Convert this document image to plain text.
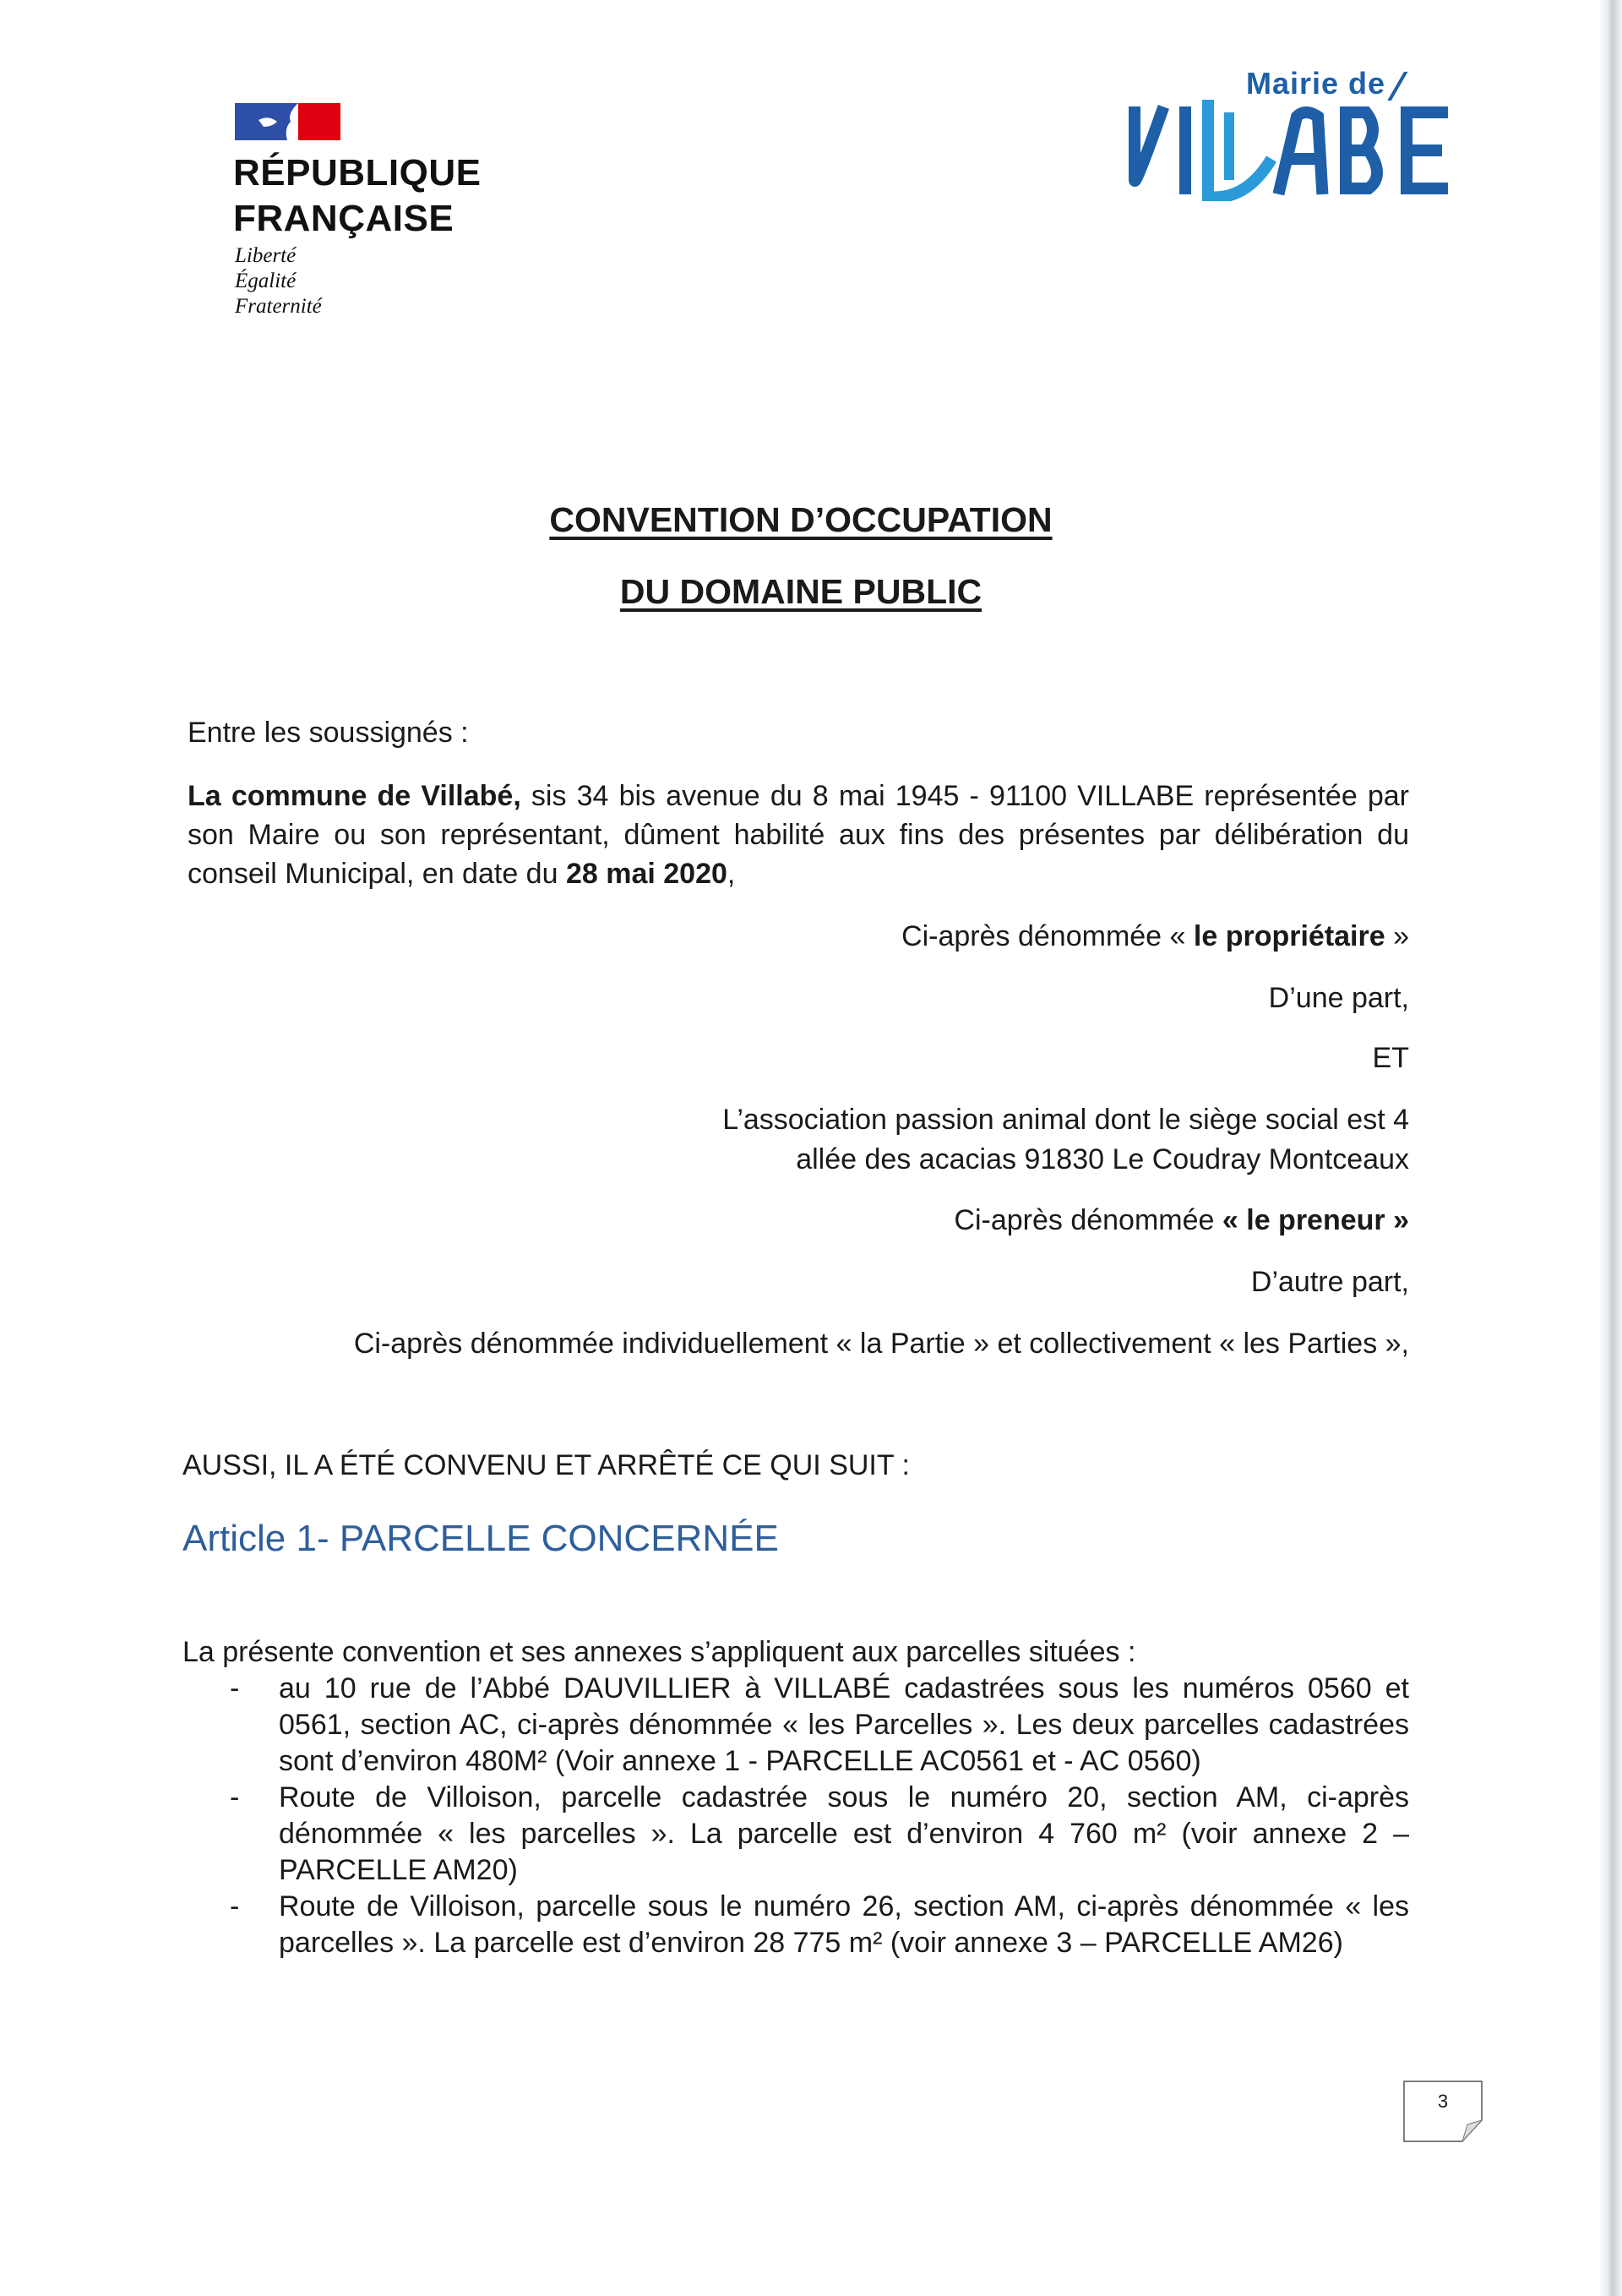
RÉPUBLIQUE
FRANÇAISE
Liberté
Égalité
Fraternité
Mairie de |
CONVENTION D’OCCUPATION
DU DOMAINE PUBLIC
Entre les soussignés :
La commune de Villabé, sis 34 bis avenue du 8 mai 1945 - 91100 VILLABE représentée par son Maire ou son représentant, dûment habilité aux fins des présentes par délibération du conseil Municipal, en date du 28 mai 2020,
Ci-après dénommée « le propriétaire »
D’une part,
ET
L’association passion animal dont le siège social est 4
allée des acacias 91830 Le Coudray Montceaux
Ci-après dénommée « le preneur »
D’autre part,
Ci-après dénommée individuellement « la Partie » et collectivement « les Parties »,
AUSSI, IL A ÉTÉ CONVENU ET ARRÊTÉ CE QUI SUIT :
Article 1- PARCELLE CONCERNÉE
La présente convention et ses annexes s’appliquent aux parcelles situées :
- au 10 rue de l’Abbé DAUVILLIER à VILLABÉ cadastrées sous les numéros 0560 et 0561, section AC, ci-après dénommée « les Parcelles ». Les deux parcelles cadastrées sont d’environ 480M² (Voir annexe 1 - PARCELLE AC0561 et - AC 0560)
- Route de Villoison, parcelle cadastrée sous le numéro 20, section AM, ci-après dénommée « les parcelles ». La parcelle est d’environ 4 760 m² (voir annexe 2 – PARCELLE AM20)
- Route de Villoison, parcelle sous le numéro 26, section AM, ci-après dénommée « les parcelles ». La parcelle est d’environ 28 775 m² (voir annexe 3 – PARCELLE AM26)
3
